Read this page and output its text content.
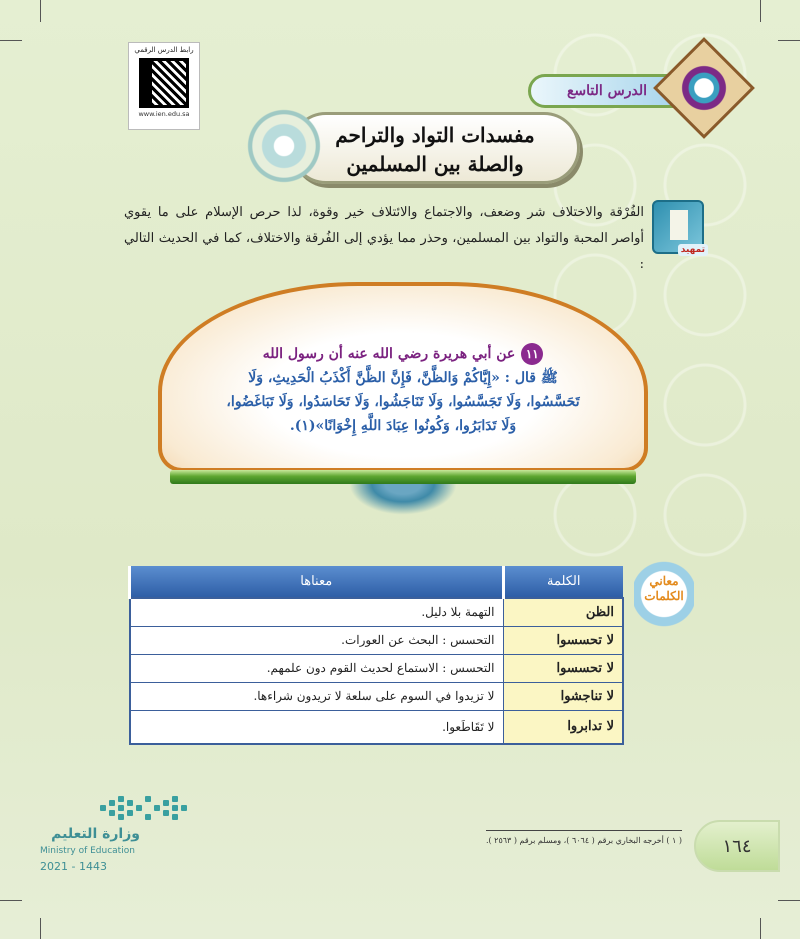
رابط الدرس الرقمي
www.ien.edu.sa
الدرس التاسع
مفسدات التواد والتراحم
والصلة بين المسلمين
تمهيد
الفُرْقة والاختلاف شر وضعف، والاجتماع والائتلاف خير وقوة، لذا حرص الإسلام على ما يقوي أواصر المحبة والتواد بين المسلمين، وحذر مما يؤدي إلى الفُرقة والاختلاف، كما في الحديث التالي :
١١عن أبي هريرة رضي الله عنه أن رسول الله
ﷺ قال : «إِيَّاكُمْ وَالظَّنَّ، فَإِنَّ الظَّنَّ أَكْذَبُ الْحَدِيثِ، وَلَا
تَحَسَّسُوا، وَلَا تَجَسَّسُوا، وَلَا تَنَاجَشُوا، وَلَا تَحَاسَدُوا، وَلَا تَبَاغَضُوا،
وَلَا تَدَابَرُوا، وَكُونُوا عِبَادَ اللَّهِ إِخْوَانًا»(١).
معاني
الكلمات
الكلمة	معناها
الظن	التهمة بلا دليل.
لا تحسسوا	التحسس : البحث عن العورات.
لا تحسسوا	التحسس : الاستماع لحديث القوم دون علمهم.
لا تناجشوا	لا تزيدوا في السوم على سلعة لا تريدون شراءها.
لا تدابروا	لا تَقَاطَعوا.
وزارة التعليم
Ministry of Education
2021 - 1443
( ١ ) أخرجه البخاري برقم ( ٦٠٦٤ )، ومسلم برقم ( ٢٥٦٣ ).	١٦٤
